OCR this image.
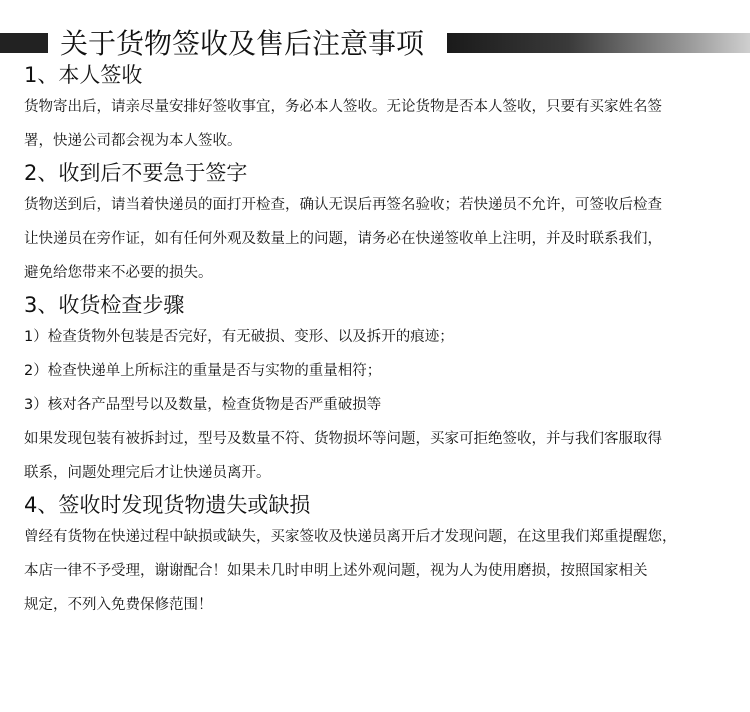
关于货物签收及售后注意事项

1、本人签收

货物寄出后，请亲尽量安排好签收事宜，务必本人签收。无论货物是否本人签收，只要有买家姓名签

署，快递公司都会视为本人签收。

2、收到后不要急于签字

货物送到后，请当着快递员的面打开检查，确认无误后再签名验收；若快递员不允许，可签收后检查

让快递员在旁作证，如有任何外观及数量上的问题，请务必在快递签收单上注明，并及时联系我们，

避免给您带来不必要的损失。

3、收货检查步骤

1）检查货物外包装是否完好，有无破损、变形、以及拆开的痕迹；

2）检查快递单上所标注的重量是否与实物的重量相符；

3）核对各产品型号以及数量，检查货物是否严重破损等

如果发现包装有被拆封过，型号及数量不符、货物损坏等问题，买家可拒绝签收，并与我们客服取得

联系，问题处理完后才让快递员离开。

4、签收时发现货物遗失或缺损

曾经有货物在快递过程中缺损或缺失，买家签收及快递员离开后才发现问题，在这里我们郑重提醒您，

本店一律不予受理，谢谢配合！如果未几时申明上述外观问题，视为人为使用磨损，按照国家相关

规定，不列入免费保修范围！
